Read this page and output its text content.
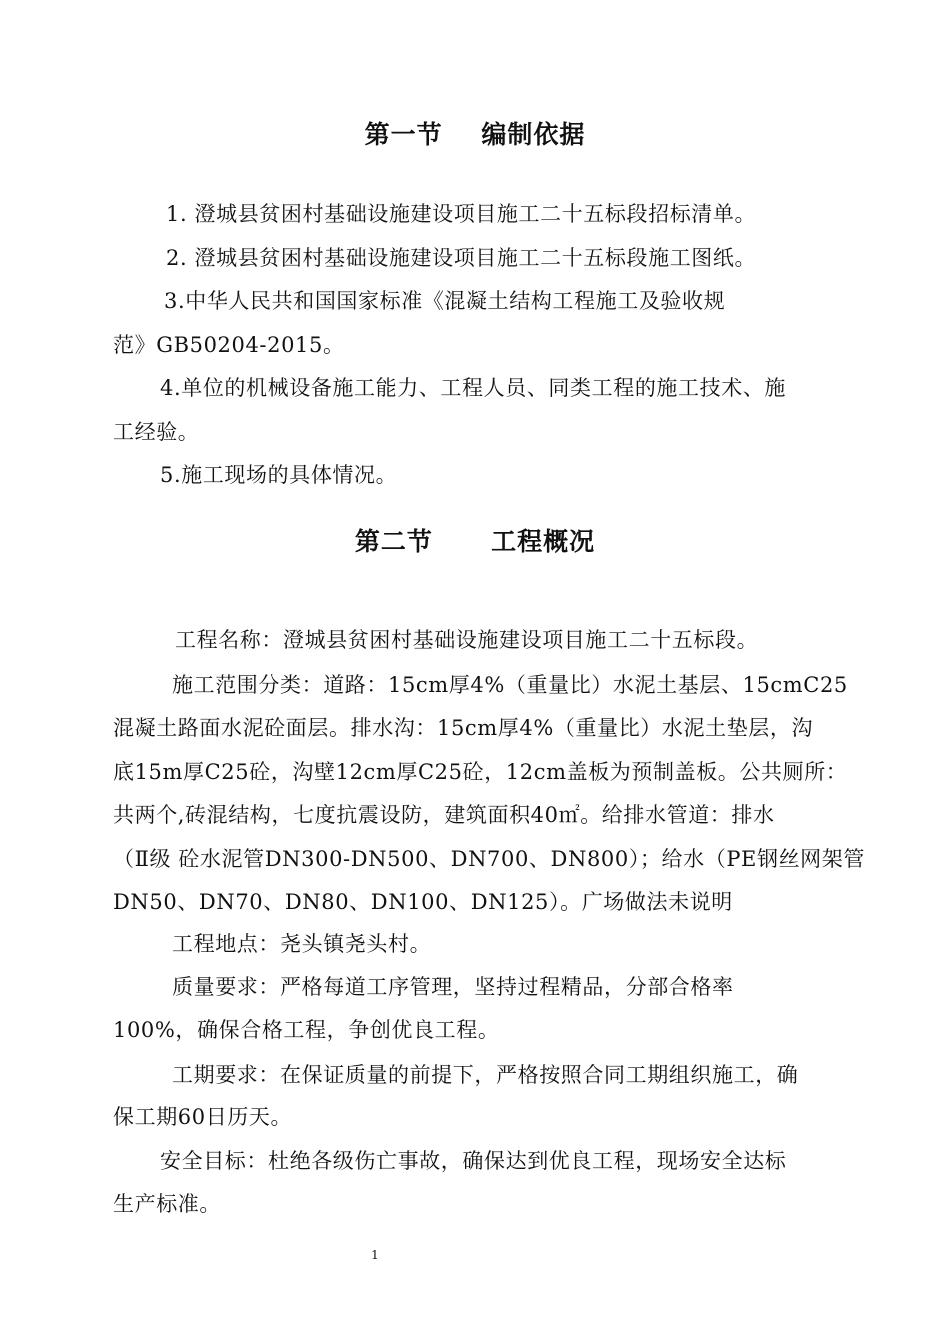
第一节    编制依据
1. 澄城县贫困村基础设施建设项目施工二十五标段招标清单。
2. 澄城县贫困村基础设施建设项目施工二十五标段施工图纸。
3.中华人民共和国国家标准《混凝土结构工程施工及验收规
范》GB50204-2015。
4.单位的机械设备施工能力、工程人员、同类工程的施工技术、施
工经验。
5.施工现场的具体情况。
第二节      工程概况
工程名称：澄城县贫困村基础设施建设项目施工二十五标段。
施工范围分类：道路：15cm厚4%（重量比）水泥土基层、15cmC25
混凝土路面水泥砼面层。排水沟：15cm厚4%（重量比）水泥土垫层，沟
底15m厚C25砼，沟壁12cm厚C25砼，12cm盖板为预制盖板。公共厕所：
共两个,砖混结构，七度抗震设防，建筑面积40㎡。给排水管道：排水
（Ⅱ级 砼水泥管DN300-DN500、DN700、DN800）；给水（PE钢丝网架管
DN50、DN70、DN80、DN100、DN125）。广场做法未说明
工程地点：尧头镇尧头村。
质量要求：严格每道工序管理，坚持过程精品，分部合格率
100%，确保合格工程，争创优良工程。
工期要求：在保证质量的前提下，严格按照合同工期组织施工，确
保工期60日历天。
安全目标：杜绝各级伤亡事故，确保达到优良工程，现场安全达标
生产标准。
1
